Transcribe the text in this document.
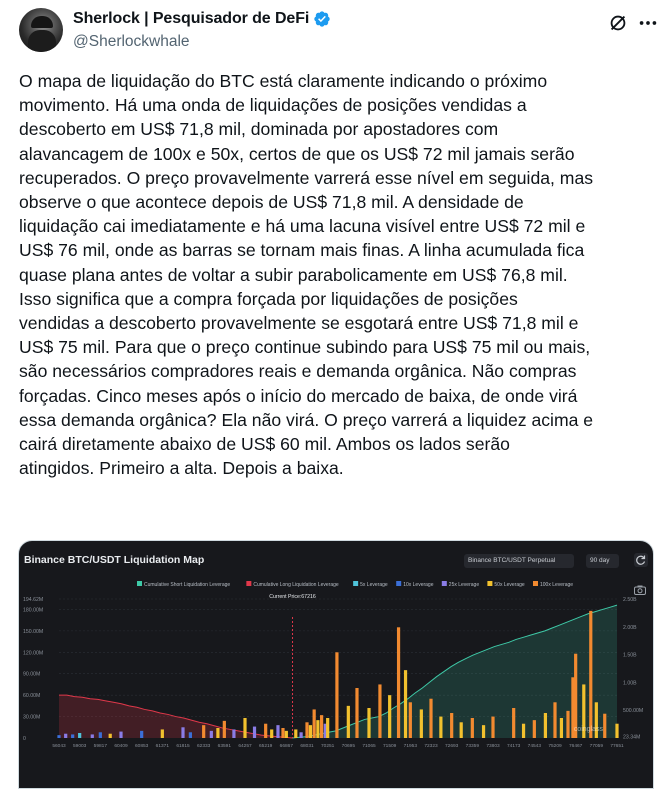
Sherlock | Pesquisador de DeFi
@Sherlockwhale
O mapa de liquidação do BTC está claramente indicando o próximo
movimento. Há uma onda de liquidações de posições vendidas a
descoberto em US$ 71,8 mil, dominada por apostadores com
alavancagem de 100x e 50x, certos de que os US$ 72 mil jamais serão
recuperados. O preço provavelmente varrerá esse nível em seguida, mas
observe o que acontece depois de US$ 71,8 mil. A densidade de
liquidação cai imediatamente e há uma lacuna visível entre US$ 72 mil e
US$ 76 mil, onde as barras se tornam mais finas. A linha acumulada fica
quase plana antes de voltar a subir parabolicamente em US$ 76,8 mil.
Isso significa que a compra forçada por liquidações de posições
vendidas a descoberto provavelmente se esgotará entre US$ 71,8 mil e
US$ 75 mil. Para que o preço continue subindo para US$ 75 mil ou mais,
são necessários compradores reais e demanda orgânica. Não compras
forçadas. Cinco meses após o início do mercado de baixa, de onde virá
essa demanda orgânica? Ela não virá. O preço varrerá a liquidez acima e
cairá diretamente abaixo de US$ 60 mil. Ambos os lados serão
atingidos. Primeiro a alta. Depois a baixa.
Cumulative Short Liquidation Leverage	Cumulative Long Liquidation Leverage	5x Leverage	10x Leverage	25x Leverage	50x Leverage	100x Leverage
194.62M
180.00M
150.00M
120.00M
90.00M
60.00M
30.00M
0
2.50B
2.00B
1.50B
1.00B
500.00M
23.34M
56043 59003 59817 60409 60853 61371 61815 62333 63591 64257 65219 66867 68031 70251 70695 71065 71509 71953 72323 72693 73359 73803 74173 74543 75209 76467 77059 77651
Current Price:67216
coinglass
Binance BTC/USDT Liquidation Map	Binance BTC/USDT Perpetual	90 day
